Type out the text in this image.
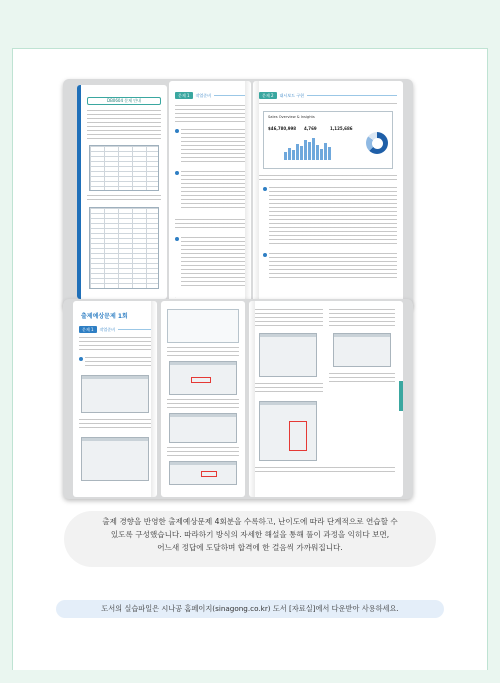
DB0604 문제 안내
문제 1	작업준비
·
문제 2	대시보드 구현
Sales Overview & Insights
$46,780,998 4,769	1,125,686
출제예상문제 1회
문제 1	작업준비
출제 경향을 반영한 출제예상문제 4회분을 수록하고, 난이도에 따라 단계적으로 연습할 수
있도록 구성했습니다. 따라하기 방식의 자세한 해설을 통해 풀이 과정을 익히다 보면,
어느새 정답에 도달하며 합격에 한 걸음씩 가까워집니다.
도서의 실습파일은 시나공 홈페이지(sinagong.co.kr) 도서 [자료실]에서 다운받아 사용하세요.
